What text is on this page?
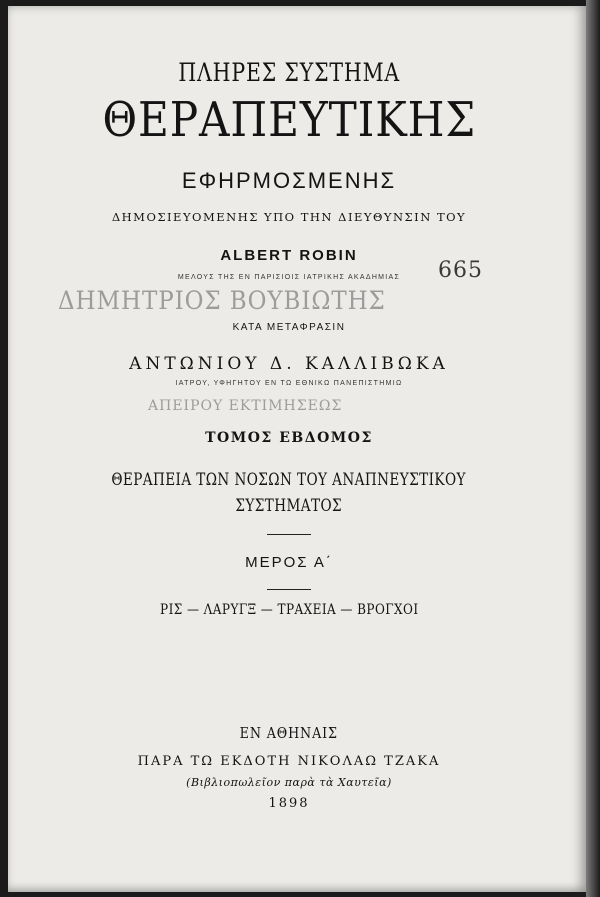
ΔΗΜΗΤΡΙΟΣ ΒΟΥΒΙΩΤΗΣ
ΑΠΕΙΡΟΥ ΕΚΤΙΜΗΣΕΩΣ
665
ΠΛΗΡΕΣ ΣΥΣΤΗΜΑ
ΘΕΡΑΠΕΥΤΙΚΗΣ
ΕΦΗΡΜΟΣΜΕΝΗΣ
ΔΗΜΟΣΙΕΥΟΜΕΝΗΣ ΥΠΟ ΤΗΝ ΔΙΕΥΘΥΝΣΙΝ ΤΟΥ
ALBERT ROBIN
ΜΕΛΟΥΣ ΤΗΣ ΕΝ ΠΑΡΙΣΙΟΙΣ ΙΑΤΡΙΚΗΣ ΑΚΑΔΗΜΙΑΣ
ΚΑΤΑ ΜΕΤΑΦΡΑΣΙΝ
ΑΝΤΩΝΙΟΥ Δ. ΚΑΛΛΙΒΩΚΑ
ΙΑΤΡΟΥ, ΥΦΗΓΗΤΟΥ ΕΝ ΤΩ ΕΘΝΙΚΩ ΠΑΝΕΠΙΣΤΗΜΙΩ
ΤΟΜΟΣ ΕΒΔΟΜΟΣ
ΘΕΡΑΠΕΙΑ ΤΩΝ ΝΟΣΩΝ ΤΟΥ ΑΝΑΠΝΕΥΣΤΙΚΟΥ
ΣΥΣΤΗΜΑΤΟΣ
ΜΕΡΟΣ Α΄
ΡΙΣ — ΛΑΡΥΓΞ — ΤΡΑΧΕΙΑ — ΒΡΟΓΧΟΙ
ΕΝ ΑΘΗΝΑΙΣ
ΠΑΡΑ ΤΩ ΕΚΔΟΤΗ ΝΙΚΟΛΑΩ ΤΖΑΚΑ
(Βιβλιοπωλεῖον παρὰ τὰ Χαυτεῖα)
1898
